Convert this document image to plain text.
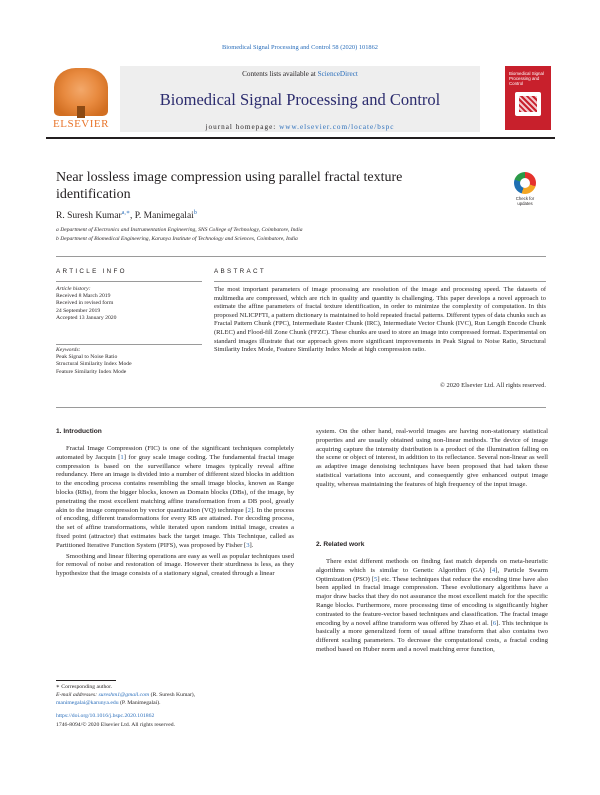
Biomedical Signal Processing and Control 58 (2020) 101862
ELSEVIER
Contents lists available at ScienceDirect
Biomedical Signal Processing and Control
journal homepage: www.elsevier.com/locate/bspc
Biomedical Signal Processing and Control
Near lossless image compression using parallel fractal texture identification	Check for updates
R. Suresh Kumar$^{a,∗}$, P. Manimegalai$^b$
a Department of Electronics and Instrumentation Engineering, SNS College of Technology, Coimbatore, India
b Department of Biomedical Engineering, Karunya Institute of Technology and Sciences, Coimbatore, India
ARTICLE INFO
Article history:
Received 8 March 2019
Received in revised form
24 September 2019
Accepted 13 January 2020
Keywords:
Peak Signal to Noise Ratio
Structural Similarity Index Mode
Feature Similarity Index Mode
ABSTRACT
The most important parameters of image processing are resolution of the image and processing speed. The datasets of multimedia are compressed, which are rich in quality and quantity is challenging. This paper develops a novel approach to estimate the affine parameters of fractal texture identification, in order to minimize the complexity of computation. In this proposed NLICPFTI, a pattern dictionary is maintained to hold repeated fractal patterns. Different types of data chunks such as Fractal Pattern Chunk (FPC), Intermediate Raster Chunk (IRC), Intermediate Vector Chunk (IVC), Run Length Encode Chunk (RLEC) and Flood-fill Zone Chunk (FFZC). These chunks are used to store an image into compressed format. Experimental on standard images illustrate that our approach gives more significant improvements in Peak Signal to Noise Ratio, Structural Similarity Index Mode, Feature Similarity Index Mode at high compression ratio.
© 2020 Elsevier Ltd. All rights reserved.
1. Introduction

Fractal Image Compression (FIC) is one of the significant techniques completely automated by Jacquin [1] for gray scale image coding. The fundamental fractal image compression is based on the surveillance where images typically reveal affine redundancy. Here an image is divided into a number of different sized blocks in addition to the encoding process contains resembling the small image blocks, known as Range blocks (RBs), from the bigger blocks, known as Domain blocks (DBs), of the image, by penetrating the most excellent matching affine transformation from a DB pool, greatly akin to the image compression by vector quantization (VQ) technique [2]. In the process of encoding, different transformations for every RB are attained. For decoding process, the set of affine transformations, while iterated upon random initial image, creates a fixed point (attractor) that estimates back the target image. This Technique, called as Partitioned Iterative Function System (PIFS), was proposed by Fisher [3].

Smoothing and linear filtering operations are easy as well as popular techniques used for removal of noise and restoration of image. However their sturdiness is less, as they hypothesize that the image consists of a stationary signal, created through a linear

system. On the other hand, real-world images are having non-stationary statistical properties and are usually obtained using non-linear methods. The device of image acquiring capture the intensity distribution is a product of the illumination falling on the scene or object of interest, in addition to its reflectance. Several non-linear as well as adaptive image denoising techniques have been proposed that had taken these statistical variations into account, and consequently give enhanced output image quality, whereas maintaining the features of high frequency of the input image.

2. Related work

There exist different methods on finding fast match depends on meta-heuristic algorithms which is similar to Genetic Algorithm (GA) [4], Particle Swarm Optimization (PSO) [5] etc. These techniques that reduce the encoding time have also been applied in fractal image compression. These evolutionary algorithms have a major draw backs that they do not assurance the most excellent match for the specific Range blocks. Furthermore, more processing time of encoding is significantly higher contrasted to the feature-vector based techniques and classification. The fractal image encoding by a novel affine transform was offered by Zhao et al. [6]. This technique is basically a more generalized form of usual affine transform that also contains two different scaling parameters. To decrease the computational costs, a fractal coding method based on Huber norm and a novel matching error function,

∗ Corresponding author.
E-mail addresses: sureshm1@gmail.com (R. Suresh Kumar),
manimegalai@karunya.edu (P. Manimegalai).
https://doi.org/10.1016/j.bspc.2020.101862
1746-8094/© 2020 Elsevier Ltd. All rights reserved.
